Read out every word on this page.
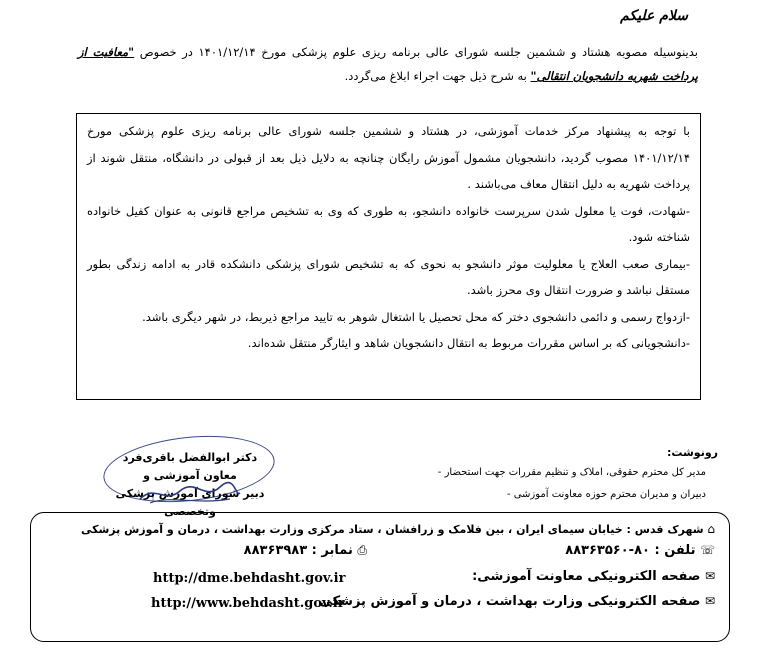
سلام علیکم
بدینوسیله مصوبه هشتاد و ششمین جلسه شورای عالی برنامه ریزی علوم پزشکی مورخ ۱۴۰۱/۱۲/۱۴ در خصوص "معافیت از پرداخت شهریه دانشجویان انتقالی" به شرح ذیل جهت اجراء ابلاغ می‌گردد.

با توجه به پیشنهاد مرکز خدمات آموزشی، در هشتاد و ششمین جلسه شورای عالی برنامه ریزی علوم پزشکی مورخ ۱۴۰۱/۱۲/۱۴ مصوب گردید، دانشجویان مشمول آموزش رایگان چنانچه به دلایل ذیل بعد از قبولی در دانشگاه، منتقل شوند از پرداخت شهریه به دلیل انتقال معاف می‌باشند .

-شهادت، فوت یا معلول شدن سرپرست خانواده دانشجو، به طوری که وی به تشخیص مراجع قانونی به عنوان کفیل خانواده شناخته شود.

-بیماری صعب العلاج یا معلولیت موثر دانشجو به نحوی که به تشخیص شورای پزشکی دانشکده قادر به ادامه زندگی بطور مستقل نباشد و ضرورت انتقال وی محرز باشد.

-ازدواج رسمی و دائمی دانشجوی دختر که محل تحصیل یا اشتغال شوهر به تایید مراجع ذیربط، در شهر دیگری باشد.

-دانشجویانی که بر اساس مقررات مربوط به انتقال دانشجویان شاهد و ایثارگر منتقل شده‌اند.

دکتر ابوالفضل باقری‌فرد
معاون آموزشی و
دبیر شورای آموزش پزشکی وتخصصی
رونوشت:
مدیر کل محترم حقوقی، املاک و تنظیم مقررات جهت استحضار -
دبیران و مدیران محترم حوزه معاونت آموزشی -
⌂ شهرک قدس : خیابان سیمای ایران ، بین فلامک و زرافشان ، ستاد مرکزی وزارت بهداشت ، درمان و آموزش پزشکی
☏ تلفن : ۸۰-۸۸۳۶۳۵۶۰
⎙ نمابر : ۸۸۳۶۳۹۸۳
✉ صفحه الکترونیکی معاونت آموزشی:
http://dme.behdasht.gov.ir
✉ صفحه الکترونیکی وزارت بهداشت ، درمان و آموزش پزشکی
http://www.behdasht.gov.ir
